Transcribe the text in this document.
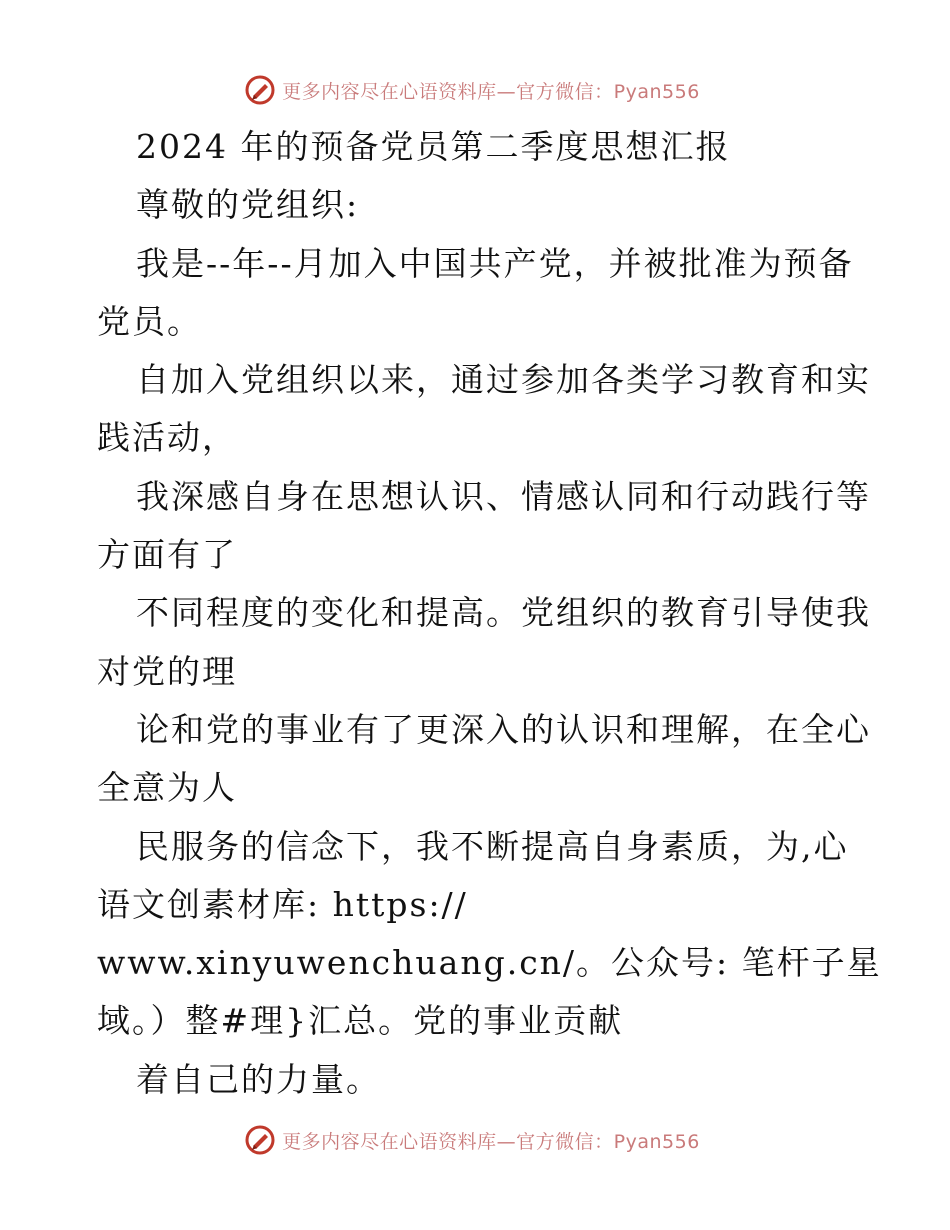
更多内容尽在心语资料库—官方微信：Pyan556
2024 年的预备党员第二季度思想汇报
尊敬的党组织:
我是--年--月加入中国共产党，并被批准为预备
党员。
自加入党组织以来，通过参加各类学习教育和实
践活动，
我深感自身在思想认识、情感认同和行动践行等
方面有了
不同程度的变化和提高。党组织的教育引导使我
对党的理
论和党的事业有了更深入的认识和理解，在全心
全意为人
民服务的信念下，我不断提高自身素质，为,心
语文创素材库: https://
www.xinyuwenchuang.cn/。公众号: 笔杆子星
域。）整#理}汇总。党的事业贡献
着自己的力量。
更多内容尽在心语资料库—官方微信：Pyan556
